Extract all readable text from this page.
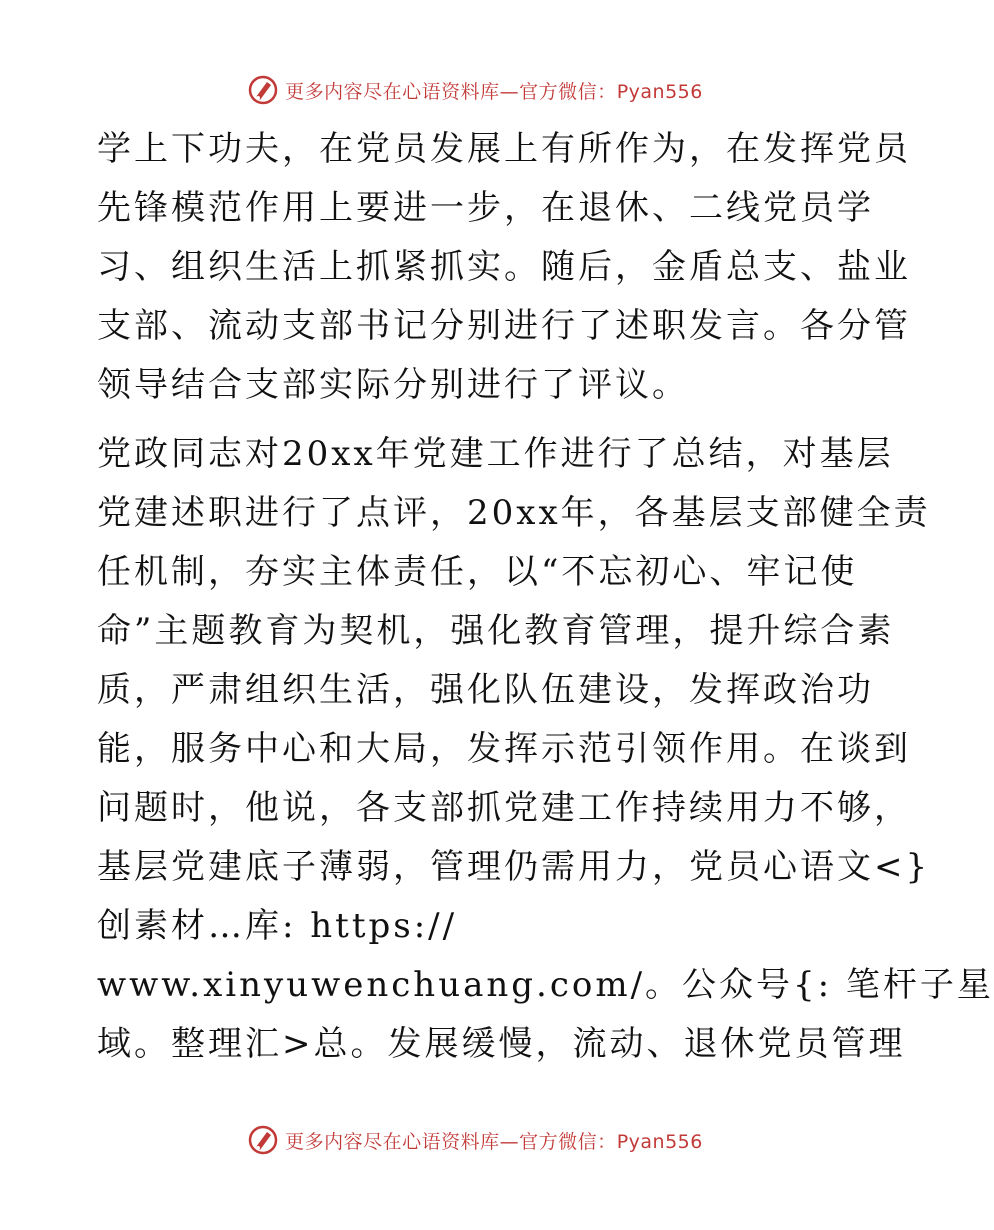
更多内容尽在心语资料库—官方微信：Pyan556
学上下功夫，在党员发展上有所作为，在发挥党员
先锋模范作用上要进一步，在退休、二线党员学
习、组织生活上抓紧抓实。随后，金盾总支、盐业
支部、流动支部书记分别进行了述职发言。各分管
领导结合支部实际分别进行了评议。
党政同志对20xx年党建工作进行了总结，对基层
党建述职进行了点评，20xx年，各基层支部健全责
任机制，夯实主体责任，以“不忘初心、牢记使
命”主题教育为契机，强化教育管理，提升综合素
质，严肃组织生活，强化队伍建设，发挥政治功
能，服务中心和大局，发挥示范引领作用。在谈到
问题时，他说，各支部抓党建工作持续用力不够，
基层党建底子薄弱，管理仍需用力，党员心语文<}
创素材…库: https://
www.xinyuwenchuang.com/。公众号{: 笔杆子星
域。整理汇>总。发展缓慢，流动、退休党员管理
更多内容尽在心语资料库—官方微信：Pyan556
